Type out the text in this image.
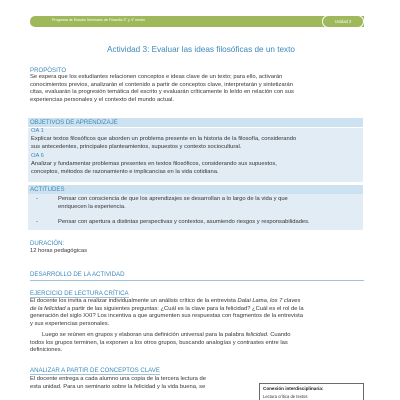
Programa de Estudio Seminario de Filosofía 3° y 4° medio	Unidad 2
Actividad 3: Evaluar las ideas filosóficas de un texto
PROPÓSITO
Se espera que los estudiantes relacionen conceptos e ideas clave de un texto; para ello, activarán
conocimientos previos, analizarán el contenido a partir de conceptos clave, interpretarán y sintetizarán
citas, evaluarán la progresión temática del escrito y evaluarán críticamente lo leído en relación con sus
experiencias personales y el contexto del mundo actual.
OBJETIVOS DE APRENDIZAJE
OA 1
Explicar textos filosóficos que aborden un problema presente en la historia de la filosofía, considerando
sus antecedentes, principales planteamientos, supuestos y contexto sociocultural.
OA 6
Analizar y fundamentar problemas presentes en textos filosóficos, considerando sus supuestos,
conceptos, métodos de razonamiento e implicancias en la vida cotidiana.
ACTITUDES
-	Pensar con consciencia de que los aprendizajes se desarrollan a lo largo de la vida y que
enriquecen la experiencia.
-	Pensar con apertura a distintas perspectivas y contextos, asumiendo riesgos y responsabilidades.
DURACIÓN:
12 horas pedagógicas
DESARROLLO DE LA ACTIVIDAD
EJERCICIO DE LECTURA CRÍTICA
El docente los invita a realizar individualmente un análisis crítico de la entrevista Dalai Lama, los 7 claves
de la felicidad a partir de las siguientes preguntas: ¿Cuál es la clave para la felicidad? ¿Cuál es el rol de la
generación del siglo XXI? Los incentiva a que argumenten sus respuestas con fragmentos de la entrevista
y sus experiencias personales.
Luego se reúnen en grupos y elaboran una definición universal para la palabra felicidad. Cuando
todos los grupos terminen, la exponen a los otros grupos, buscando analogías y contrastes entre las
definiciones.
ANALIZAR A PARTIR DE CONCEPTOS CLAVE
El docente entrega a cada alumno una copia de la tercera lectura de
esta unidad. Para un seminario sobre la felicidad y la vida buena, se	Conexión interdisciplinaria:
Lectura crítica de textos
